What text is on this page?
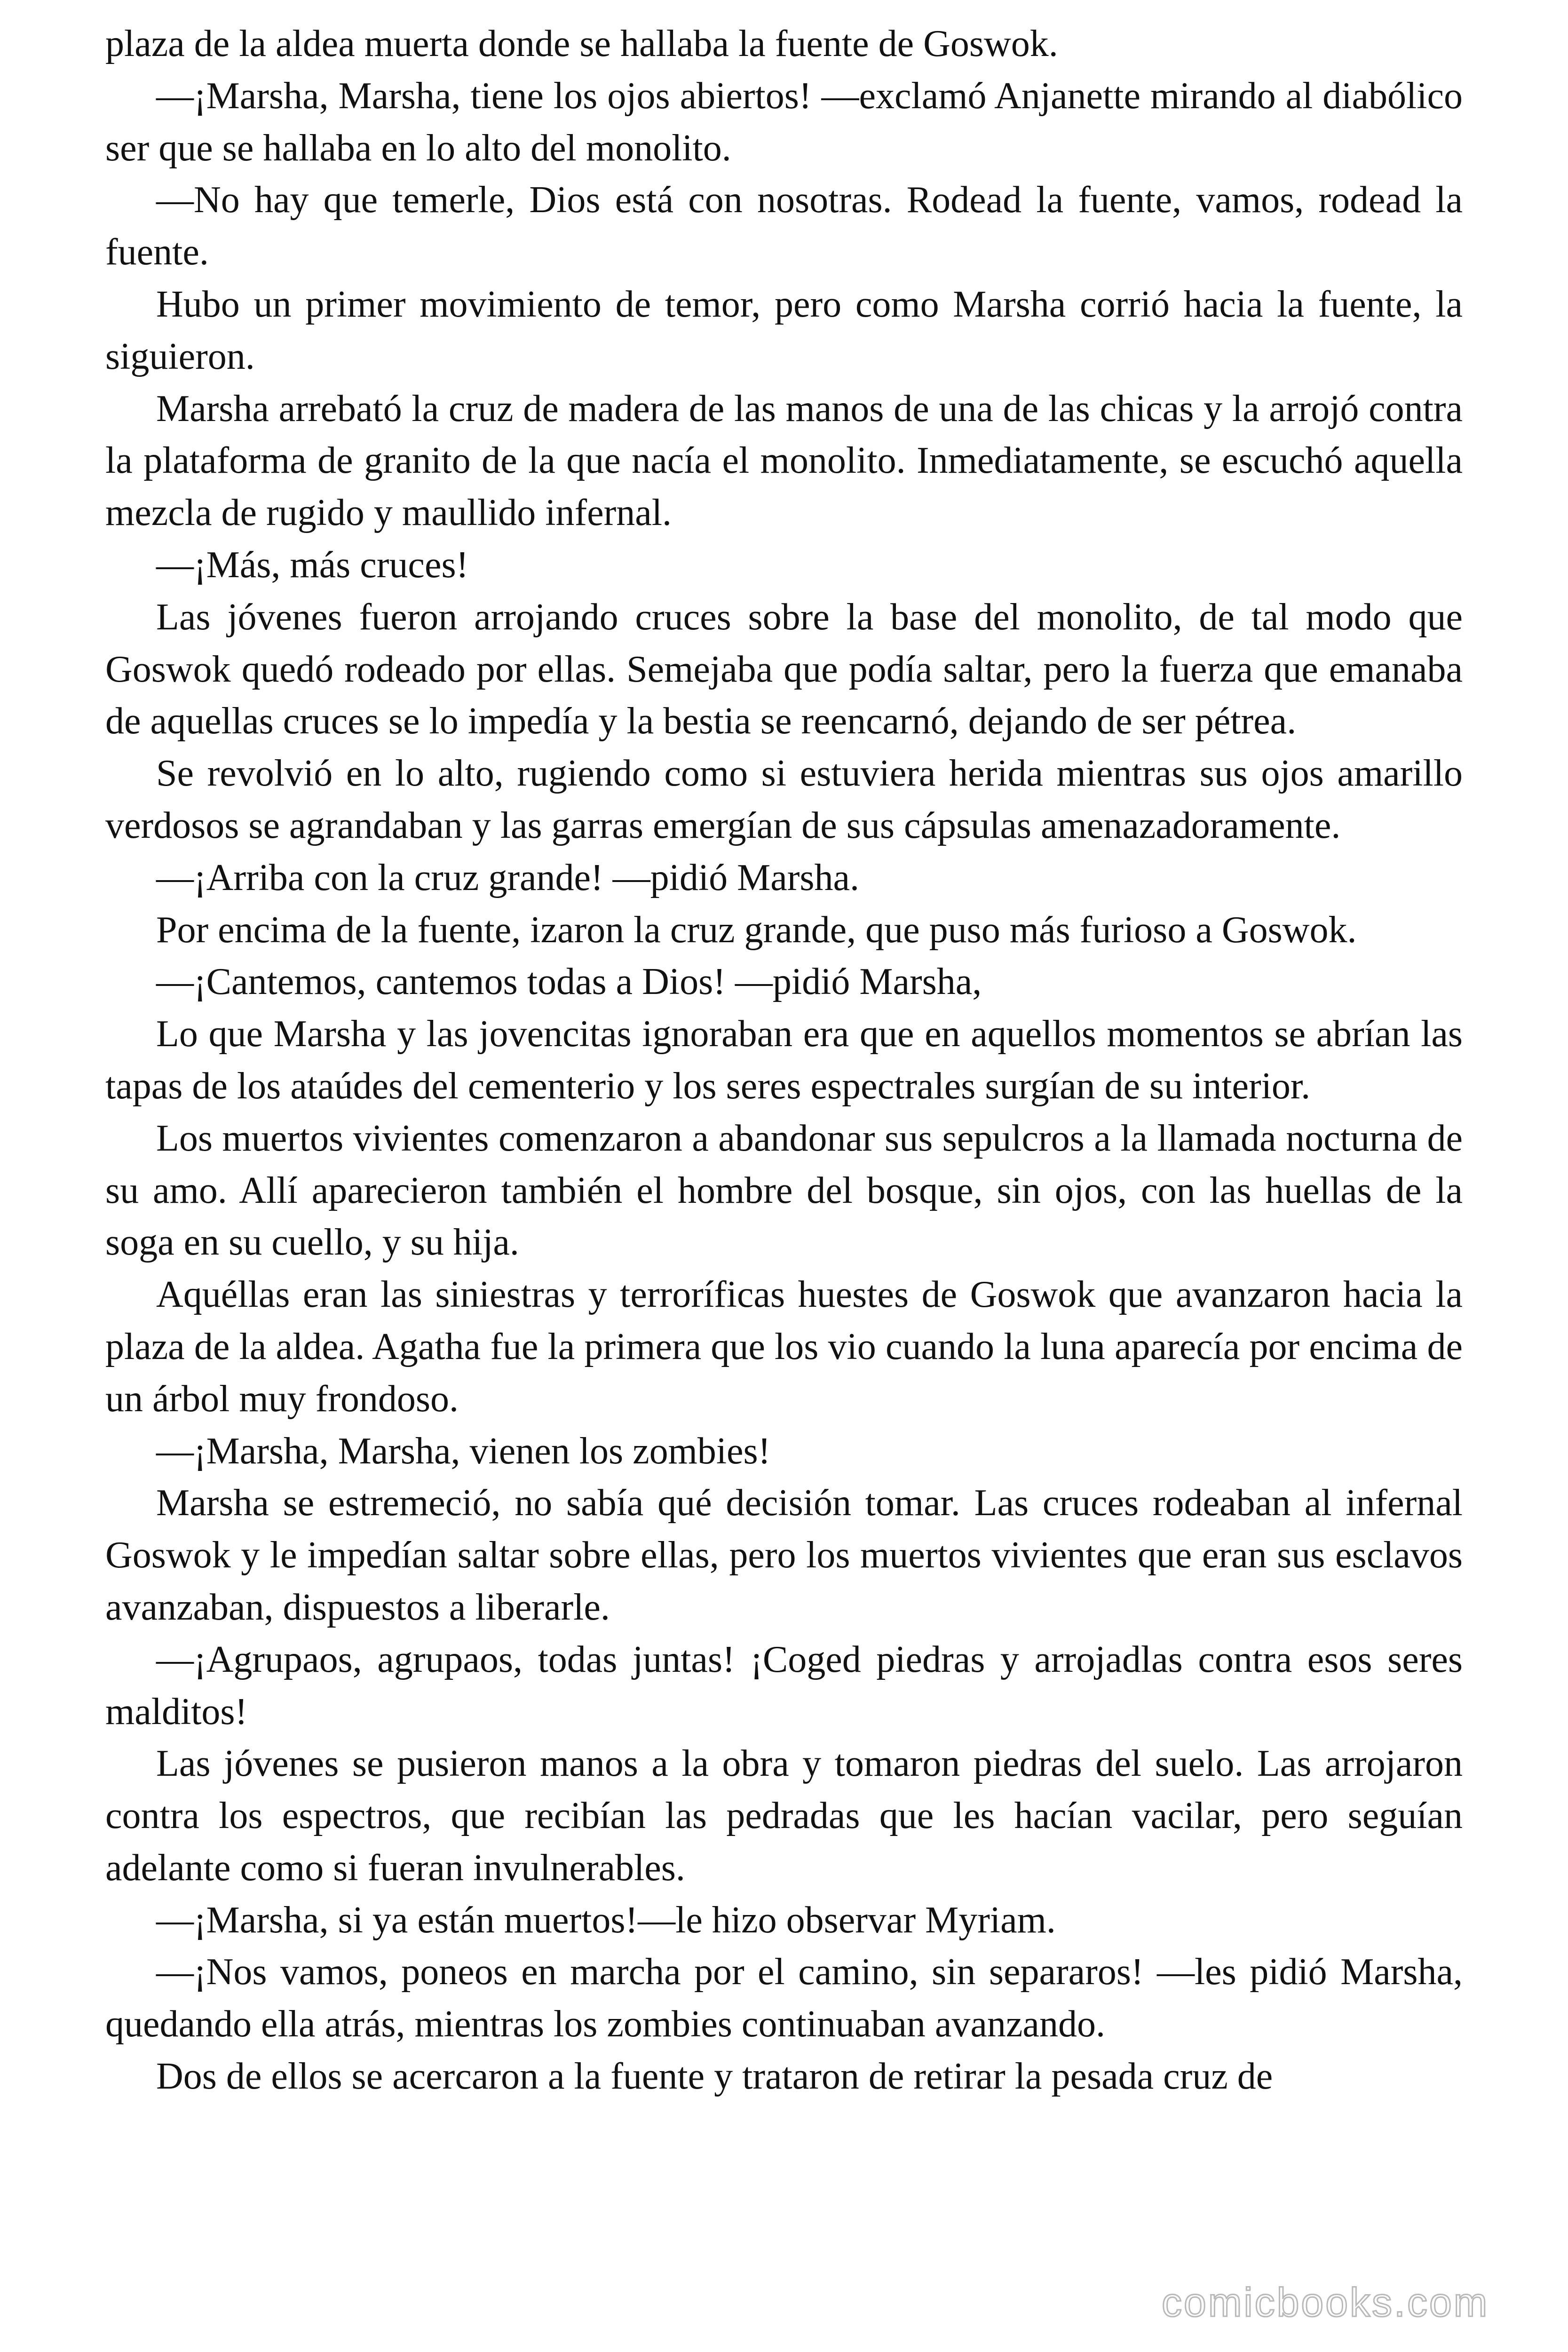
plaza de la aldea muerta donde se hallaba la fuente de Goswok.

—¡Marsha, Marsha, tiene los ojos abiertos! —exclamó Anjanette mirando al diabólico ser que se hallaba en lo alto del monolito.

—No hay que temerle, Dios está con nosotras. Rodead la fuente, vamos, rodead la fuente.

Hubo un primer movimiento de temor, pero como Marsha corrió hacia la fuente, la siguieron.

Marsha arrebató la cruz de madera de las manos de una de las chicas y la arrojó contra la plataforma de granito de la que nacía el monolito. Inmediatamente, se escuchó aquella mezcla de rugido y maullido infernal.

—¡Más, más cruces!

Las jóvenes fueron arrojando cruces sobre la base del monolito, de tal modo que Goswok quedó rodeado por ellas. Semejaba que podía saltar, pero la fuerza que emanaba de aquellas cruces se lo impedía y la bestia se reencarnó, dejando de ser pétrea.

Se revolvió en lo alto, rugiendo como si estuviera herida mientras sus ojos amarillo verdosos se agrandaban y las garras emergían de sus cápsulas amenazadoramente.

—¡Arriba con la cruz grande! —pidió Marsha.

Por encima de la fuente, izaron la cruz grande, que puso más furioso a Goswok.

—¡Cantemos, cantemos todas a Dios! —pidió Marsha,

Lo que Marsha y las jovencitas ignoraban era que en aquellos momentos se abrían las tapas de los ataúdes del cementerio y los seres espectrales surgían de su interior.

Los muertos vivientes comenzaron a abandonar sus sepulcros a la llamada nocturna de su amo. Allí aparecieron también el hombre del bosque, sin ojos, con las huellas de la soga en su cuello, y su hija.

Aquéllas eran las siniestras y terroríficas huestes de Goswok que avanzaron hacia la plaza de la aldea. Agatha fue la primera que los vio cuando la luna aparecía por encima de un árbol muy frondoso.

—¡Marsha, Marsha, vienen los zombies!

Marsha se estremeció, no sabía qué decisión tomar. Las cruces rodeaban al infernal Goswok y le impedían saltar sobre ellas, pero los muertos vivientes que eran sus esclavos avanzaban, dispuestos a liberarle.

—¡Agrupaos, agrupaos, todas juntas! ¡Coged piedras y arrojadlas contra esos seres malditos!

Las jóvenes se pusieron manos a la obra y tomaron piedras del suelo. Las arrojaron contra los espectros, que recibían las pedradas que les hacían vacilar, pero seguían adelante como si fueran invulnerables.

—¡Marsha, si ya están muertos!—le hizo observar Myriam.

—¡Nos vamos, poneos en marcha por el camino, sin separaros! —les pidió Marsha, quedando ella atrás, mientras los zombies continuaban avanzando.

Dos de ellos se acercaron a la fuente y trataron de retirar la pesada cruz de

comicbooks.com
